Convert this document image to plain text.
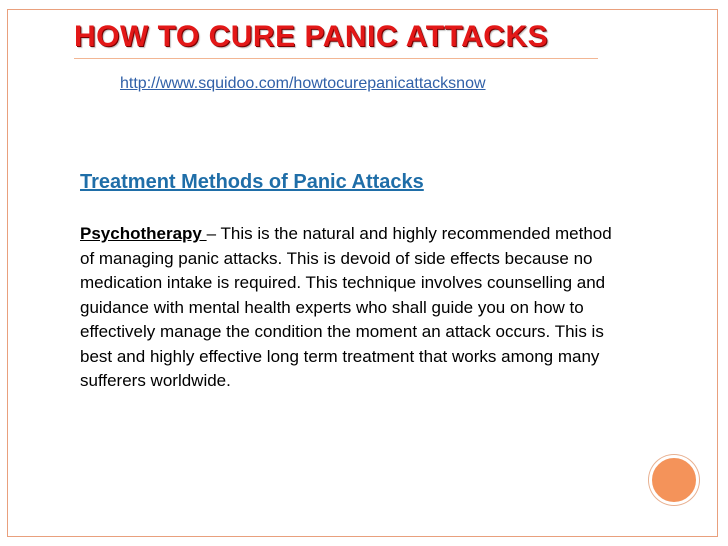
HOW TO CURE PANIC ATTACKS
http://www.squidoo.com/howtocurepanicattacksnow
Treatment Methods of Panic Attacks

Psychotherapy – This is the natural and highly recommended method of managing panic attacks. This is devoid of side effects because no medication intake is required. This technique involves counselling and guidance with mental health experts who shall guide you on how to effectively manage the condition the moment an attack occurs. This is best and highly effective long term treatment that works among many sufferers worldwide.
